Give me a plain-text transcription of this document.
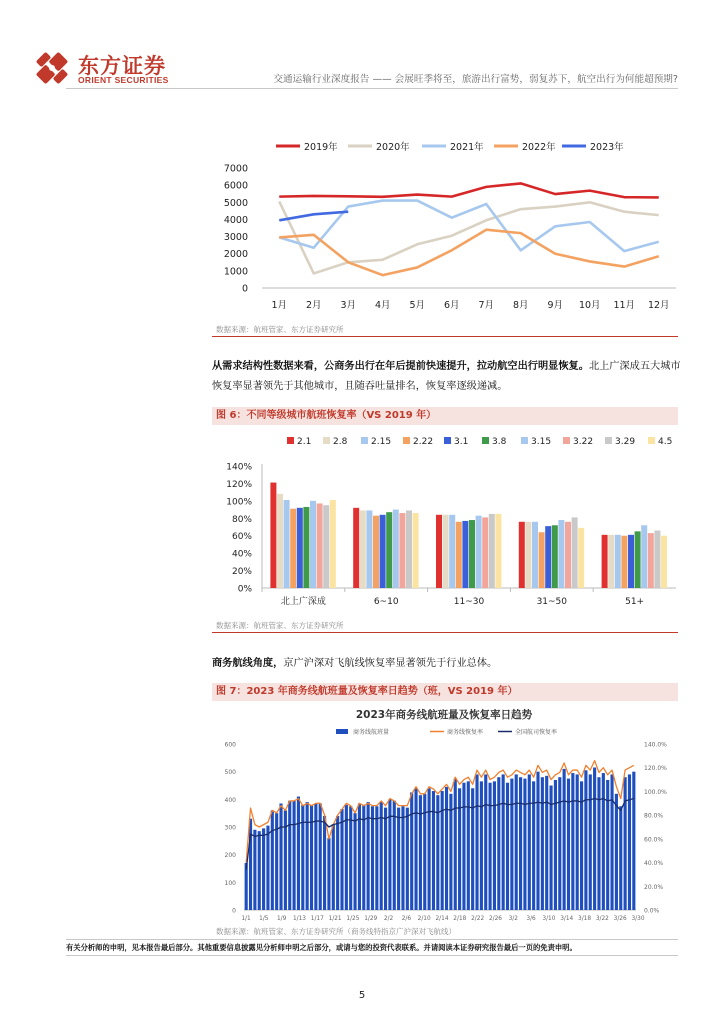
东方证券
ORIENT SECURITIES	交通运输行业深度报告 —— 会展旺季将至，旅游出行富势，弱复苏下，航空出行为何能超预期?
2019年	2020年	2021年	2022年	2023年
0
1000
2000
3000
4000
5000
6000
7000
1月 2月 3月 4月 5月 6月 7月 8月 9月 10月 11月 12月
数据来源：航班管家、东方证券研究所
从需求结构性数据来看，公商务出行在年后提前快速提升，拉动航空出行明显恢复。北上广深成五大城市恢复率显著领先于其他城市，且随吞吐量排名，恢复率逐级递减。
图 6：不同等级城市航班恢复率（VS 2019 年）
2.1 2.8	2.15 2.22 3.1	3.8	3.15 3.22 3.29	4.5
0%
20%
40%
60%
80%
100%
120%
140%
北上广深成	6~10	11~30	31~50	51+
数据来源：航班管家、东方证券研究所
商务航线角度，京广沪深对飞航线恢复率显著领先于行业总体。
图 7：2023 年商务线航班量及恢复率日趋势（班，VS 2019 年）
2023年商务线航班量及恢复率日趋势
商务线航班量	商务线恢复率	全国航司恢复率
0
100
200
300
400
500
600
0.0%
20.0%
40.0%
60.0%
80.0%
100.0%
120.0%
140.0%
1/1 1/5 1/9 1/13 1/17 1/21 1/25 1/29 2/2 2/6 2/10 2/14 2/18 2/22 2/26 3/2 3/6 3/10 3/14 3/18 3/22 3/26 3/30
数据来源：航班管家、东方证券研究所（商务线特指京广沪深对飞航线）
有关分析师的申明，见本报告最后部分。其他重要信息披露见分析师申明之后部分，或请与您的投资代表联系。并请阅读本证券研究报告最后一页的免责申明。
5
